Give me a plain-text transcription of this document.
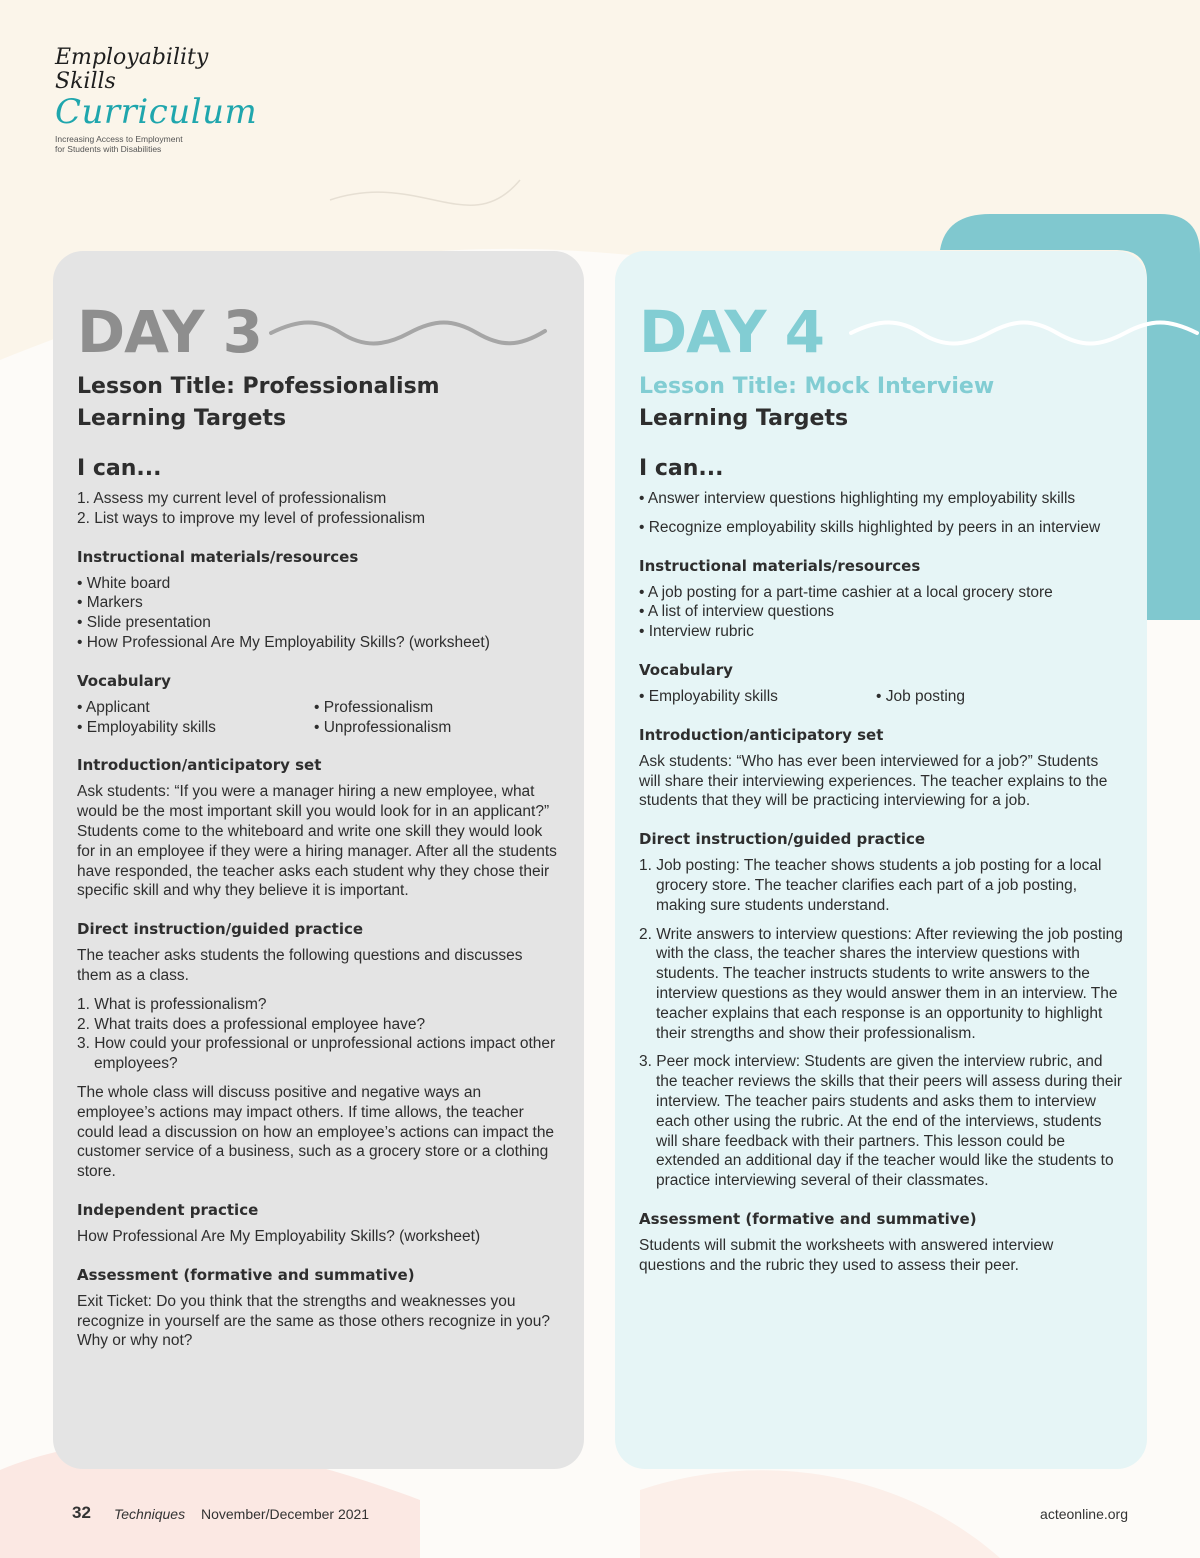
Employability Skills
Curriculum
Increasing Access to Employment for Students with Disabilities
DAY 3

Lesson Title: Professionalism

Learning Targets

I can...
1. Assess my current level of professionalism
2. List ways to improve my level of professionalism
Instructional materials/resources
• White board
• Markers
• Slide presentation
• How Professional Are My Employability Skills? (worksheet)
Vocabulary
• Applicant
• Employability skills
• Professionalism
• Unprofessionalism
Introduction/anticipatory set

Ask students: “If you were a manager hiring a new employee, what would be the most important skill you would look for in an applicant?” Students come to the whiteboard and write one skill they would look for in an employee if they were a hiring manager. After all the students have responded, the teacher asks each student why they chose their specific skill and why they believe it is important.

Direct instruction/guided practice

The teacher asks students the following questions and discusses them as a class.

1. What is professionalism?
2. What traits does a professional employee have?
3. How could your professional or unprofessional actions impact other employees?

The whole class will discuss positive and negative ways an employee’s actions may impact others. If time allows, the teacher could lead a discussion on how an employee’s actions can impact the customer service of a business, such as a grocery store or a clothing store.

Independent practice

How Professional Are My Employability Skills? (worksheet)

Assessment (formative and summative)

Exit Ticket: Do you think that the strengths and weaknesses you recognize in yourself are the same as those others recognize in you? Why or why not?

DAY 4

Lesson Title: Mock Interview

Learning Targets

I can...
• Answer interview questions highlighting my employability skills
• Recognize employability skills highlighted by peers in an interview
Instructional materials/resources
• A job posting for a part-time cashier at a local grocery store
• A list of interview questions
• Interview rubric
Vocabulary
• Employability skills	• Job posting
Introduction/anticipatory set

Ask students: “Who has ever been interviewed for a job?” Students will share their interviewing experiences. The teacher explains to the students that they will be practicing interviewing for a job.

Direct instruction/guided practice
1. Job posting: The teacher shows students a job posting for a local grocery store. The teacher clarifies each part of a job posting, making sure students understand.
2. Write answers to interview questions: After reviewing the job posting with the class, the teacher shares the interview questions with students. The teacher instructs students to write answers to the interview questions as they would answer them in an interview. The teacher explains that each response is an opportunity to highlight their strengths and show their professionalism.
3. Peer mock interview: Students are given the interview rubric, and the teacher reviews the skills that their peers will assess during their interview. The teacher pairs students and asks them to interview each other using the rubric. At the end of the interviews, students will share feedback with their partners. This lesson could be extended an additional day if the teacher would like the students to practice interviewing several of their classmates.
Assessment (formative and summative)

Students will submit the worksheets with answered interview questions and the rubric they used to assess their peer.

32 Techniques November/December 2021	acteonline.org
